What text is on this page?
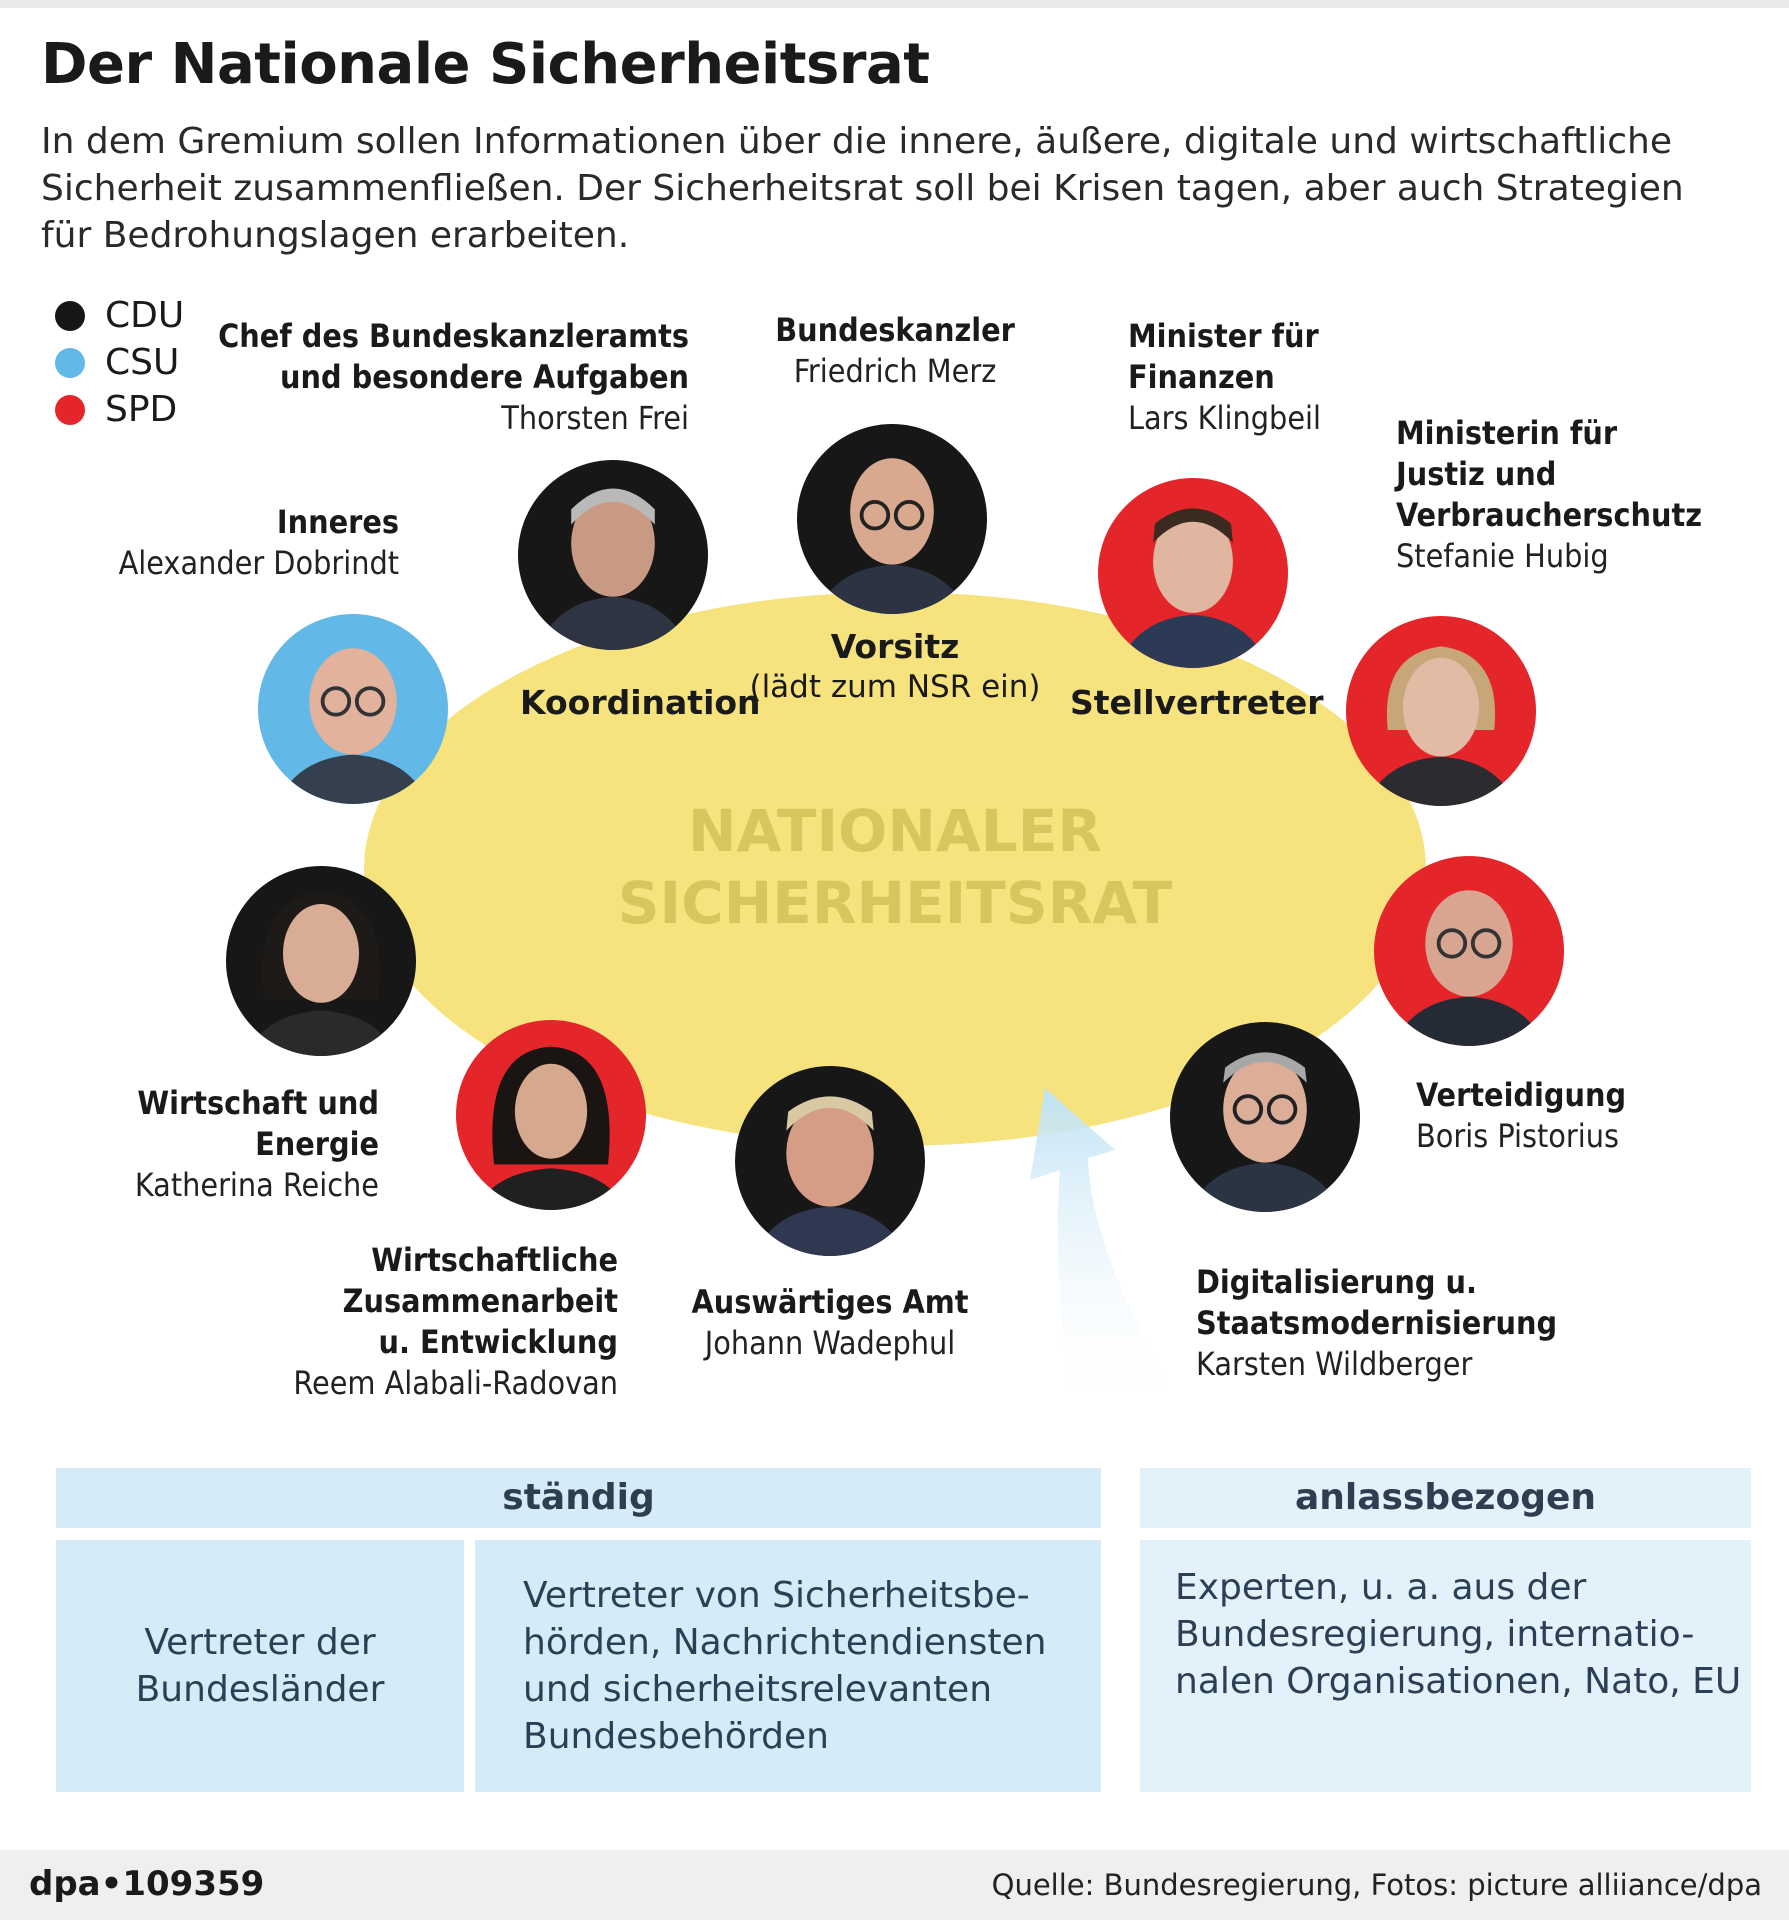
Der Nationale Sicherheitsrat
In dem Gremium sollen Informationen über die innere, äußere, digitale und wirtschaftliche Sicherheit zusammenfließen. Der Sicherheitsrat soll bei Krisen tagen, aber auch Strategien für Bedrohungslagen erarbeiten.
CDU
CSU
SPD
NATIONALER
SICHERHEITSRAT
Chef des Bundeskanzleramts
und besondere Aufgaben
Thorsten Frei
Koordination
Bundeskanzler
Friedrich Merz
Vorsitz
(lädt zum NSR ein)
Minister für
Finanzen
Lars Klingbeil
Stellvertreter
Ministerin für
Justiz und
Verbraucherschutz
Stefanie Hubig
Inneres
Alexander Dobrindt
Wirtschaft und
Energie
Katherina Reiche
Wirtschaftliche
Zusammenarbeit
u. Entwicklung
Reem Alabali-Radovan
Auswärtiges Amt
Johann Wadephul
Digitalisierung u.
Staatsmodernisierung
Karsten Wildberger
Verteidigung
Boris Pistorius
ständig	anlassbezogen
Vertreter der
Bundesländer
Vertreter von Sicherheitsbe-
hörden, Nachrichtendiensten
und sicherheitsrelevanten
Bundesbehörden
Experten, u. a. aus der
Bundesregierung, internatio-
nalen Organisationen, Nato, EU
dpa•109359	Quelle: Bundesregierung, Fotos: picture alliiance/dpa
